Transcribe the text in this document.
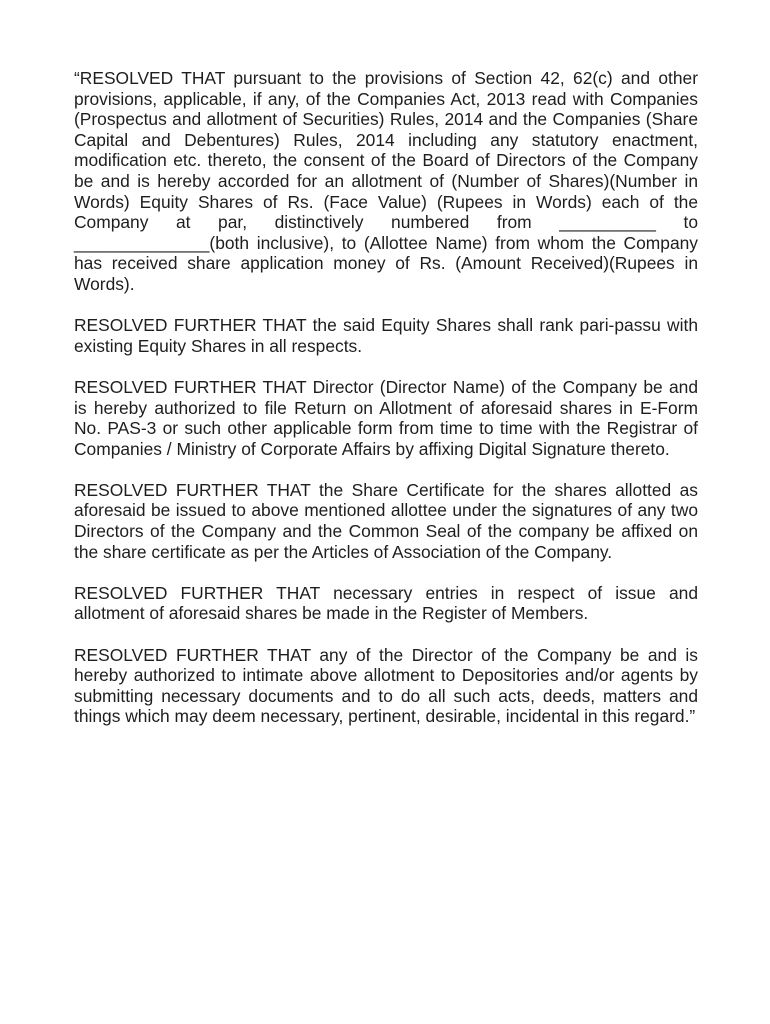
“RESOLVED THAT pursuant to the provisions of Section 42, 62(c) and other provisions, applicable, if any, of the Companies Act, 2013 read with Companies (Prospectus and allotment of Securities) Rules, 2014 and the Companies (Share Capital and Debentures) Rules, 2014 including any statutory enactment, modification etc. thereto, the consent of the Board of Directors of the Company be and is hereby accorded for an allotment of (Number of Shares)(Number in Words) Equity Shares of Rs. (Face Value) (Rupees in Words) each of the Company at par, distinctively numbered from __________ to ______________(both inclusive), to (Allottee Name) from whom the Company has received share application money of Rs. (Amount Received)(Rupees in Words).

RESOLVED FURTHER THAT the said Equity Shares shall rank pari-passu with existing Equity Shares in all respects.

RESOLVED FURTHER THAT Director (Director Name) of the Company be and is hereby authorized to file Return on Allotment of aforesaid shares in E-Form No. PAS-3 or such other applicable form from time to time with the Registrar of Companies / Ministry of Corporate Affairs by affixing Digital Signature thereto.

RESOLVED FURTHER THAT the Share Certificate for the shares allotted as aforesaid be issued to above mentioned allottee under the signatures of any two Directors of the Company and the Common Seal of the company be affixed on the share certificate as per the Articles of Association of the Company.

RESOLVED FURTHER THAT necessary entries in respect of issue and allotment of aforesaid shares be made in the Register of Members.

RESOLVED FURTHER THAT any of the Director of the Company be and is hereby authorized to intimate above allotment to Depositories and/or agents by submitting necessary documents and to do all such acts, deeds, matters and things which may deem necessary, pertinent, desirable, incidental in this regard.”
